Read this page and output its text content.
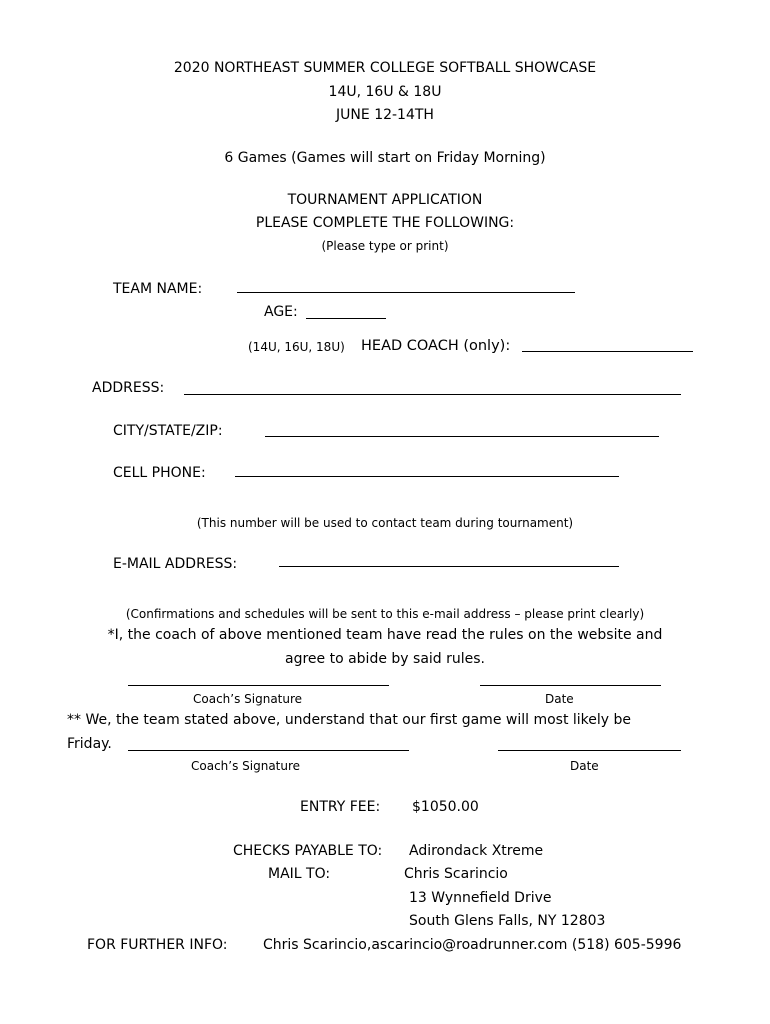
2020 NORTHEAST SUMMER COLLEGE SOFTBALL SHOWCASE
14U, 16U & 18U
JUNE 12-14TH
6 Games (Games will start on Friday Morning)
TOURNAMENT APPLICATION
PLEASE COMPLETE THE FOLLOWING:
(Please type or print)
TEAM NAME:
AGE:
(14U, 16U, 18U) HEAD COACH (only):
ADDRESS:
CITY/STATE/ZIP:
CELL PHONE:
(This number will be used to contact team during tournament)
E-MAIL ADDRESS:
(Confirmations and schedules will be sent to this e-mail address – please print clearly)
*I, the coach of above mentioned team have read the rules on the website and
agree to abide by said rules.
Coach’s Signature	Date
** We, the team stated above, understand that our first game will most likely be
Friday.
Coach’s Signature	Date
ENTRY FEE: $1050.00
CHECKS PAYABLE TO: Adirondack Xtreme
MAIL TO:	Chris Scarincio
13 Wynnefield Drive
South Glens Falls, NY 12803
FOR FURTHER INFO:	Chris Scarincio,ascarincio@roadrunner.com (518) 605-5996
